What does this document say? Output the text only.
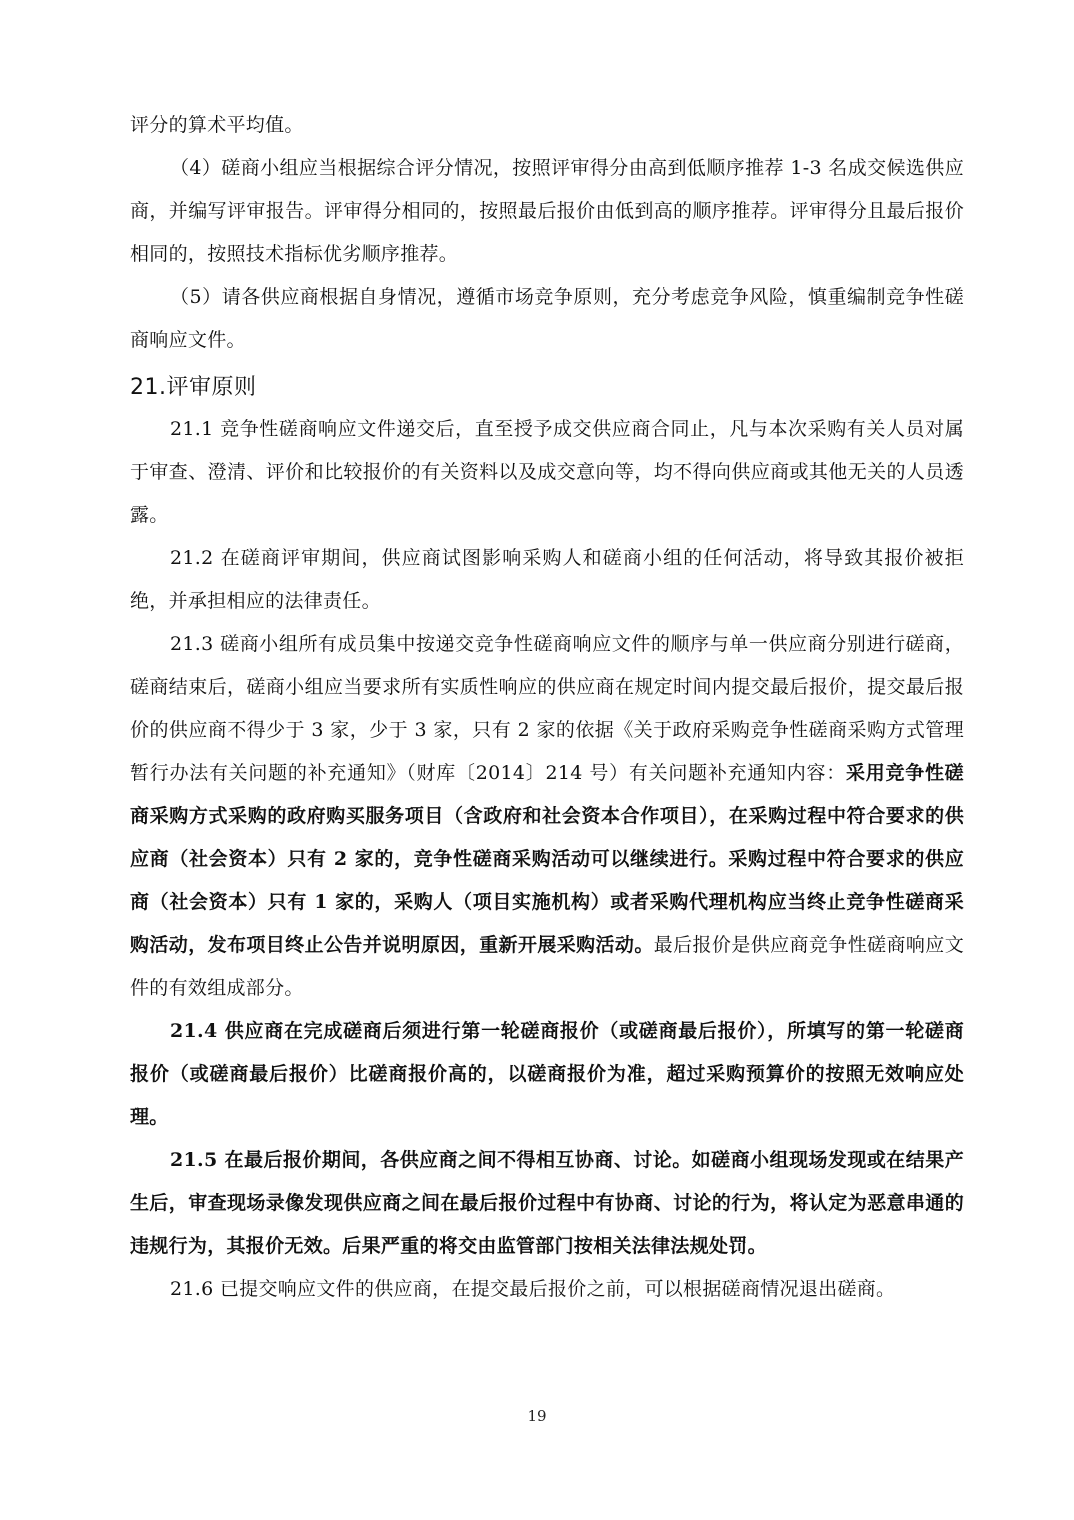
评分的算术平均值。

（4）磋商小组应当根据综合评分情况，按照评审得分由高到低顺序推荐 1-3 名成交候选供应商，并编写评审报告。评审得分相同的，按照最后报价由低到高的顺序推荐。评审得分且最后报价相同的，按照技术指标优劣顺序推荐。

（5）请各供应商根据自身情况，遵循市场竞争原则，充分考虑竞争风险，慎重编制竞争性磋商响应文件。

21.评审原则

21.1 竞争性磋商响应文件递交后，直至授予成交供应商合同止，凡与本次采购有关人员对属于审查、澄清、评价和比较报价的有关资料以及成交意向等，均不得向供应商或其他无关的人员透露。

21.2 在磋商评审期间，供应商试图影响采购人和磋商小组的任何活动，将导致其报价被拒绝，并承担相应的法律责任。

21.3 磋商小组所有成员集中按递交竞争性磋商响应文件的顺序与单一供应商分别进行磋商，磋商结束后，磋商小组应当要求所有实质性响应的供应商在规定时间内提交最后报价，提交最后报价的供应商不得少于 3 家，少于 3 家，只有 2 家的依据《关于政府采购竞争性磋商采购方式管理暂行办法有关问题的补充通知》（财库〔2014〕214 号）有关问题补充通知内容：采用竞争性磋商采购方式采购的政府购买服务项目（含政府和社会资本合作项目），在采购过程中符合要求的供应商（社会资本）只有 2 家的，竞争性磋商采购活动可以继续进行。采购过程中符合要求的供应商（社会资本）只有 1 家的，采购人（项目实施机构）或者采购代理机构应当终止竞争性磋商采购活动，发布项目终止公告并说明原因，重新开展采购活动。最后报价是供应商竞争性磋商响应文件的有效组成部分。

21.4 供应商在完成磋商后须进行第一轮磋商报价（或磋商最后报价），所填写的第一轮磋商报价（或磋商最后报价）比磋商报价高的，以磋商报价为准，超过采购预算价的按照无效响应处理。

21.5 在最后报价期间，各供应商之间不得相互协商、讨论。如磋商小组现场发现或在结果产生后，审查现场录像发现供应商之间在最后报价过程中有协商、讨论的行为，将认定为恶意串通的违规行为，其报价无效。后果严重的将交由监管部门按相关法律法规处罚。

21.6 已提交响应文件的供应商，在提交最后报价之前，可以根据磋商情况退出磋商。

19
